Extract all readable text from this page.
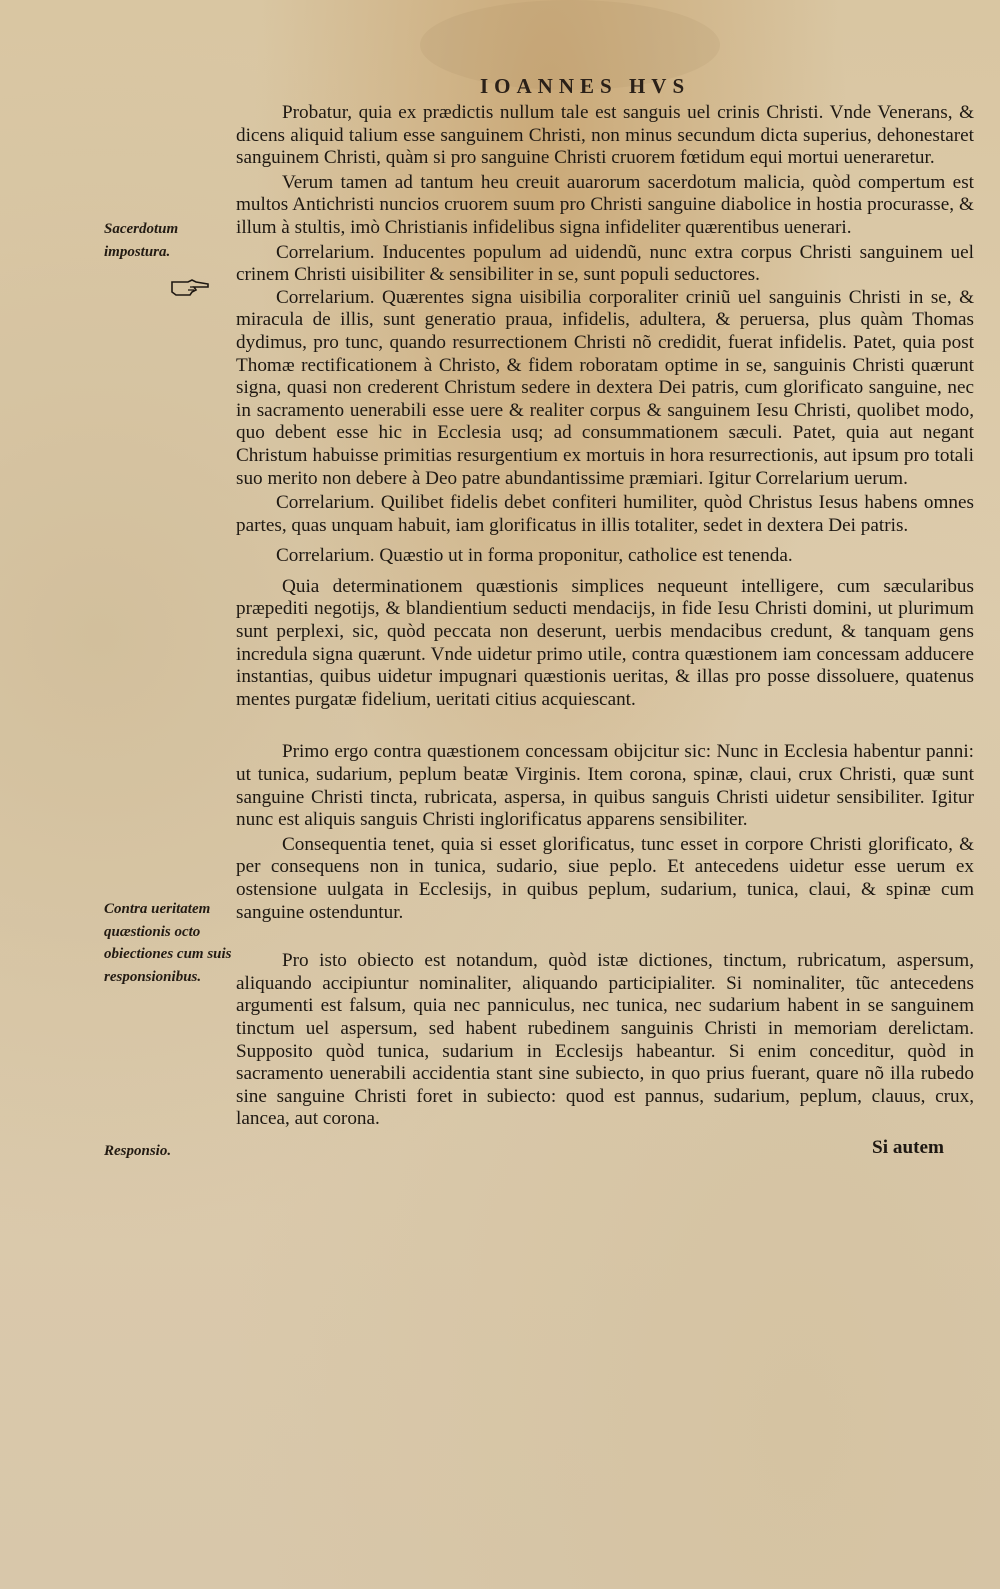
IOANNES HVS
Sacerdotum impostura.
Contra ueritatem quæstionis octo obiectiones cum suis responsionibus.
Responsio.

Probatur, quia ex prædictis nullum tale est sanguis uel crinis Christi. Vnde Venerans, & dicens aliquid talium esse sanguinem Christi, non minus secundum dicta superius, dehonestaret sanguinem Christi, quàm si pro sanguine Christi cruorem fœtidum equi mortui ueneraretur.

Verum tamen ad tantum heu creuit auarorum sacerdotum malicia, quòd compertum est multos Antichristi nuncios cruorem suum pro Christi sanguine diabolice in hostia procurasse, & illum à stultis, imò Christianis infidelibus signa infideliter quærentibus uenerari.

Correlarium. Inducentes populum ad uidendũ, nunc extra corpus Christi sanguinem uel crinem Christi uisibiliter & sensibiliter in se, sunt populi seductores.

Correlarium. Quærentes signa uisibilia corporaliter criniũ uel sanguinis Christi in se, & miracula de illis, sunt generatio praua, infidelis, adultera, & peruersa, plus quàm Thomas dydimus, pro tunc, quando resurrectionem Christi nõ credidit, fuerat infidelis. Patet, quia post Thomæ rectificationem à Christo, & fidem roboratam optime in se, sanguinis Christi quærunt signa, quasi non crederent Christum sedere in dextera Dei patris, cum glorificato sanguine, nec in sacramento uenerabili esse uere & realiter corpus & sanguinem Iesu Christi, quolibet modo, quo debent esse hic in Ecclesia usq; ad consummationem sæculi. Patet, quia aut negant Christum habuisse primitias resurgentium ex mortuis in hora resurrectionis, aut ipsum pro totali suo merito non debere à Deo patre abundantissime præmiari. Igitur Correlarium uerum.

Correlarium. Quilibet fidelis debet confiteri humiliter, quòd Christus Iesus habens omnes partes, quas unquam habuit, iam glorificatus in illis totaliter, sedet in dextera Dei patris.

Correlarium. Quæstio ut in forma proponitur, catholice est tenenda.

Quia determinationem quæstionis simplices nequeunt intelligere, cum sæcularibus præpediti negotijs, & blandientium seducti mendacijs, in fide Iesu Christi domini, ut plurimum sunt perplexi, sic, quòd peccata non deserunt, uerbis mendacibus credunt, & tanquam gens incredula signa quærunt. Vnde uidetur primo utile, contra quæstionem iam concessam adducere instantias, quibus uidetur impugnari quæstionis ueritas, & illas pro posse dissoluere, quatenus mentes purgatæ fidelium, ueritati citius acquiescant.

Primo ergo contra quæstionem concessam obijcitur sic: Nunc in Ecclesia habentur panni: ut tunica, sudarium, peplum beatæ Virginis. Item corona, spinæ, claui, crux Christi, quæ sunt sanguine Christi tincta, rubricata, aspersa, in quibus sanguis Christi uidetur sensibiliter. Igitur nunc est aliquis sanguis Christi inglorificatus apparens sensibiliter.

Consequentia tenet, quia si esset glorificatus, tunc esset in corpore Christi glorificato, & per consequens non in tunica, sudario, siue peplo. Et antecedens uidetur esse uerum ex ostensione uulgata in Ecclesijs, in quibus peplum, sudarium, tunica, claui, & spinæ cum sanguine ostenduntur.

Pro isto obiecto est notandum, quòd istæ dictiones, tinctum, rubricatum, aspersum, aliquando accipiuntur nominaliter, aliquando participialiter. Si nominaliter, tũc antecedens argumenti est falsum, quia nec panniculus, nec tunica, nec sudarium habent in se sanguinem tinctum uel aspersum, sed habent rubedinem sanguinis Christi in memoriam derelictam. Supposito quòd tunica, sudarium in Ecclesijs habeantur. Si enim conceditur, quòd in sacramento uenerabili accidentia stant sine subiecto, in quo prius fuerant, quare nõ illa rubedo sine sanguine Christi foret in subiecto: quod est pannus, sudarium, peplum, clauus, crux, lancea, aut corona.

Si autem
